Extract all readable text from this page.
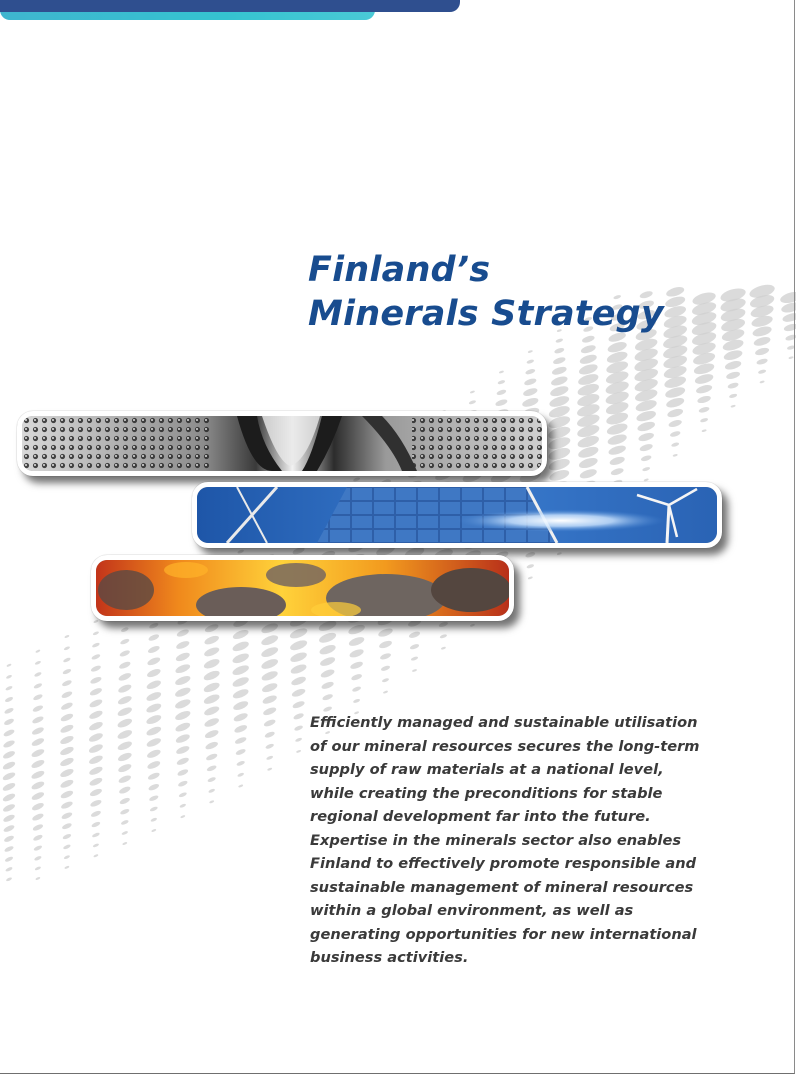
Finland’s
Minerals Strategy

Efficiently managed and sustainable utilisation of our mineral resources secures the long-term supply of raw materials at a national level, while creating the preconditions for stable regional development far into the future. Expertise in the minerals sector also enables Finland to effectively promote responsible and sustainable management of mineral resources within a global environment, as well as generating opportunities for new international business activities.
